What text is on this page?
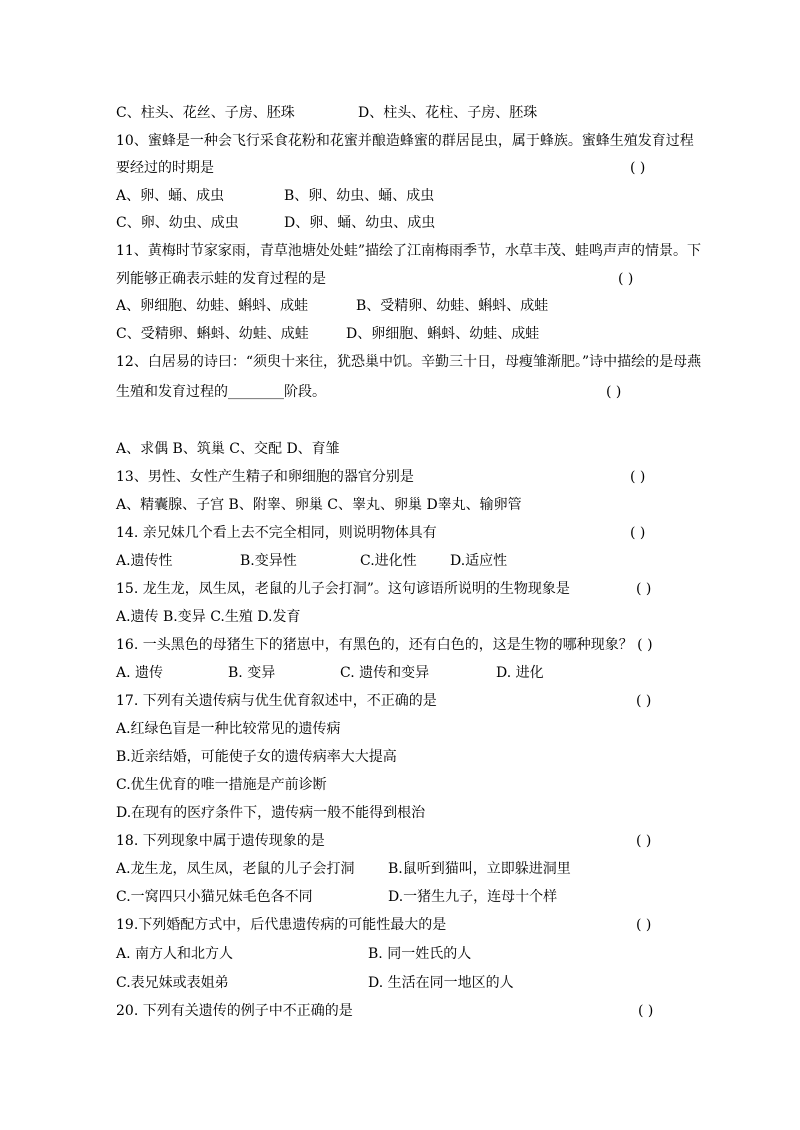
C、柱头、花丝、子房、胚珠	D、柱头、花柱、子房、胚珠
10、蜜蜂是一种会飞行采食花粉和花蜜并酿造蜂蜜的群居昆虫，属于蜂族。蜜蜂生殖发育过程
要经过的时期是	( )
A、卵、蛹、成虫	B、卵、幼虫、蛹、成虫
C、卵、幼虫、成虫	D、卵、蛹、幼虫、成虫
11、黄梅时节家家雨，青草池塘处处蛙”描绘了江南梅雨季节，水草丰茂、蛙鸣声声的情景。下
列能够正确表示蛙的发育过程的是	( )
A、卵细胞、幼蛙、蝌蚪、成蛙	B、受精卵、幼蛙、蝌蚪、成蛙
C、受精卵、蝌蚪、幼蛙、成蛙	D、卵细胞、蝌蚪、幼蛙、成蛙
12、白居易的诗曰：“须臾十来往，犹恐巢中饥。辛勤三十日，母瘦雏渐肥。”诗中描绘的是母燕
生殖和发育过程的________阶段。	( )
A、求偶 B、筑巢 C、交配 D、育雏
13、男性、女性产生精子和卵细胞的器官分别是	( )
A、精囊腺、子宫 B、附睾、卵巢 C、睾丸、卵巢 D睾丸、输卵管
14. 亲兄妹几个看上去不完全相同，则说明物体具有	( )
A.遗传性	B.变异性	C.进化性 D.适应性
15. 龙生龙，凤生凤，老鼠的儿子会打洞”。这句谚语所说明的生物现象是	( )
A.遗传 B.变异 C.生殖 D.发育
16. 一头黑色的母猪生下的猪崽中，有黑色的，还有白色的，这是生物的哪种现象？ ( )
A. 遗传	B. 变异	C. 遗传和变异	D. 进化
17. 下列有关遗传病与优生优育叙述中，不正确的是	( )
A.红绿色盲是一种比较常见的遗传病
B.近亲结婚，可能使子女的遗传病率大大提高
C.优生优育的唯一措施是产前诊断
D.在现有的医疗条件下，遗传病一般不能得到根治
18. 下列现象中属于遗传现象的是	( )
A.龙生龙，凤生凤，老鼠的儿子会打洞 B.鼠听到猫叫，立即躲进洞里
C.一窝四只小猫兄妹毛色各不同	D.一猪生九子，连母十个样
19.下列婚配方式中，后代患遗传病的可能性最大的是	( )
A. 南方人和北方人	B. 同一姓氏的人
C.表兄妹或表姐弟	D. 生活在同一地区的人
20. 下列有关遗传的例子中不正确的是	( )
